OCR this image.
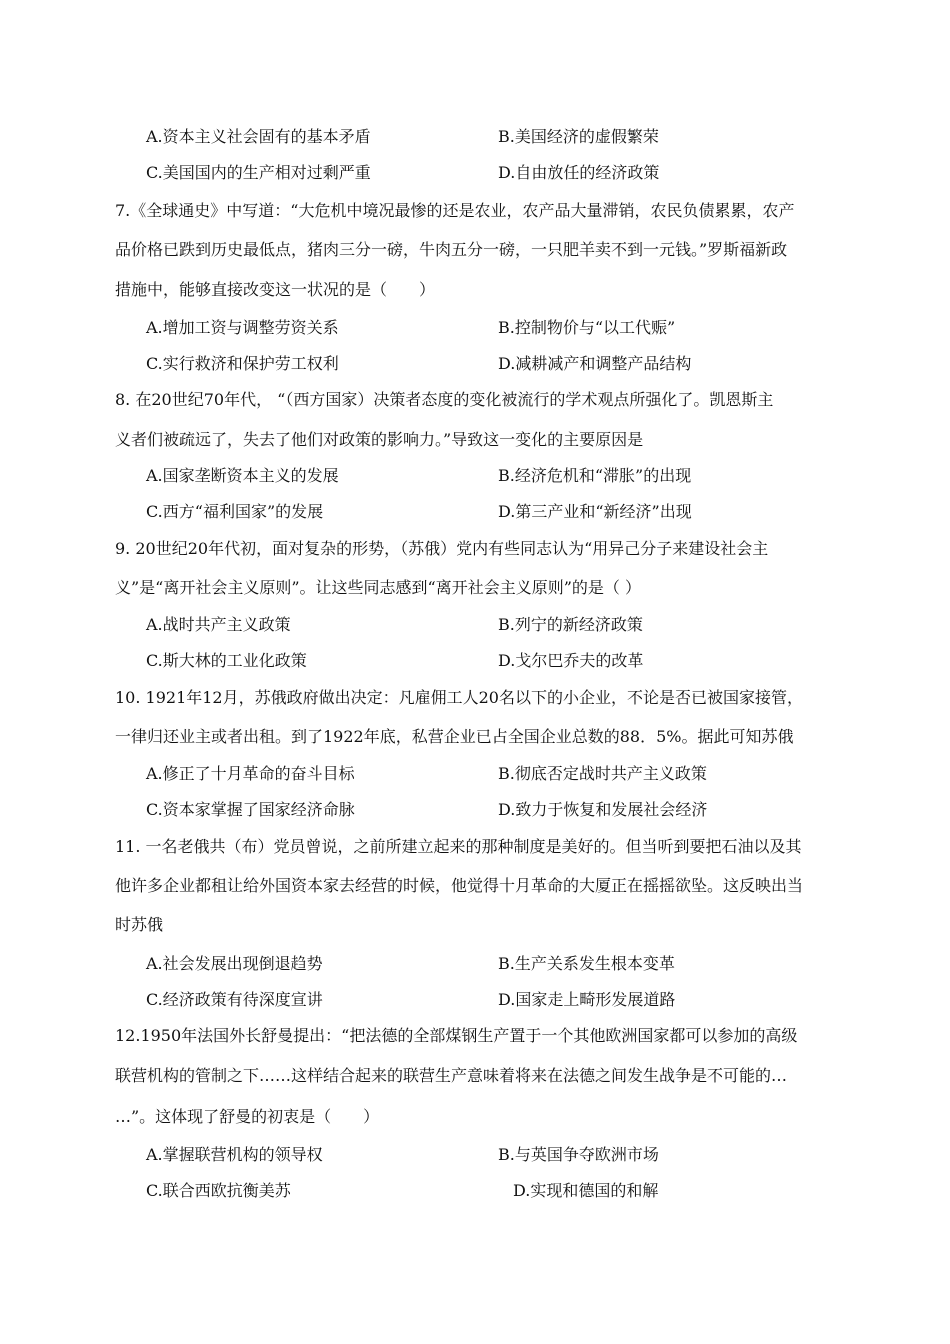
A.资本主义社会固有的基本矛盾	B.美国经济的虚假繁荣
C.美国国内的生产相对过剩严重	D.自由放任的经济政策
7.《全球通史》中写道：“大危机中境况最惨的还是农业，农产品大量滞销，农民负债累累，农产
品价格已跌到历史最低点，猪肉三分一磅，牛肉五分一磅，一只肥羊卖不到一元钱。”罗斯福新政
措施中，能够直接改变这一状况的是（　　）
A.增加工资与调整劳资关系	B.控制物价与“以工代赈”
C.实行救济和保护劳工权利	D.减耕减产和调整产品结构
8. 在20世纪70年代， “（西方国家）决策者态度的变化被流行的学术观点所强化了。凯恩斯主
义者们被疏远了，失去了他们对政策的影响力。”导致这一变化的主要原因是
A.国家垄断资本主义的发展	B.经济危机和“滞胀”的出现
C.西方“福利国家”的发展	D.第三产业和“新经济”出现
9. 20世纪20年代初，面对复杂的形势，（苏俄）党内有些同志认为“用异己分子来建设社会主
义”是“离开社会主义原则”。让这些同志感到“离开社会主义原则”的是（ ）
A.战时共产主义政策	B.列宁的新经济政策
C.斯大林的工业化政策	D.戈尔巴乔夫的改革
10. 1921年12月，苏俄政府做出决定：凡雇佣工人20名以下的小企业，不论是否已被国家接管，
一律归还业主或者出租。到了1922年底，私营企业已占全国企业总数的88．5%。据此可知苏俄
A.修正了十月革命的奋斗目标	B.彻底否定战时共产主义政策
C.资本家掌握了国家经济命脉	D.致力于恢复和发展社会经济
11. 一名老俄共（布）党员曾说，之前所建立起来的那种制度是美好的。但当听到要把石油以及其
他许多企业都租让给外国资本家去经营的时候，他觉得十月革命的大厦正在摇摇欲坠。这反映出当
时苏俄
A.社会发展出现倒退趋势	B.生产关系发生根本变革
C.经济政策有待深度宣讲	D.国家走上畸形发展道路
12.1950年法国外长舒曼提出：“把法德的全部煤钢生产置于一个其他欧洲国家都可以参加的高级
联营机构的管制之下……这样结合起来的联营生产意味着将来在法德之间发生战争是不可能的…
…”。这体现了舒曼的初衷是（　　）
A.掌握联营机构的领导权	B.与英国争夺欧洲市场
C.联合西欧抗衡美苏	D.实现和德国的和解
